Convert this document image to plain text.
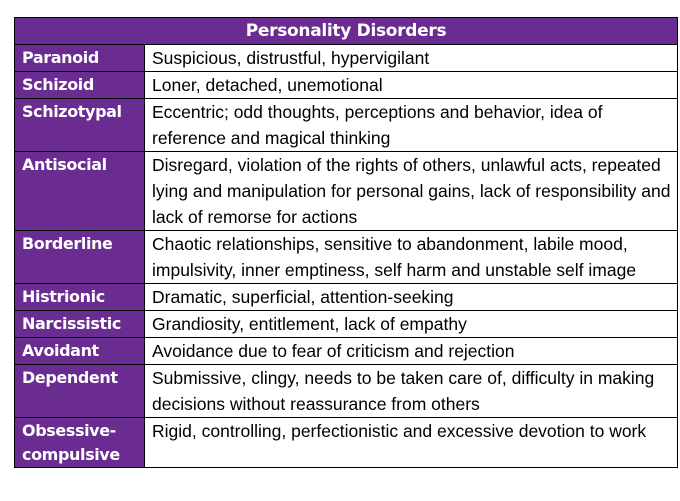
Personality Disorders	
Paranoid	Suspicious, distrustful, hypervigilant
Schizoid	Loner, detached, unemotional
Schizotypal	Eccentric; odd thoughts, perceptions and behavior, idea of reference and magical thinking
Antisocial	Disregard, violation of the rights of others, unlawful acts, repeated lying and manipulation for personal gains, lack of responsibility and lack of remorse for actions
Borderline	Chaotic relationships, sensitive to abandonment, labile mood, impulsivity, inner emptiness, self harm and unstable self image
Histrionic	Dramatic, superficial, attention-seeking
Narcissistic	Grandiosity, entitlement, lack of empathy
Avoidant	Avoidance due to fear of criticism and rejection
Dependent	Submissive, clingy, needs to be taken care of, difficulty in making decisions without reassurance from others
Obsessive-compulsive	Rigid, controlling, perfectionistic and excessive devotion to work
